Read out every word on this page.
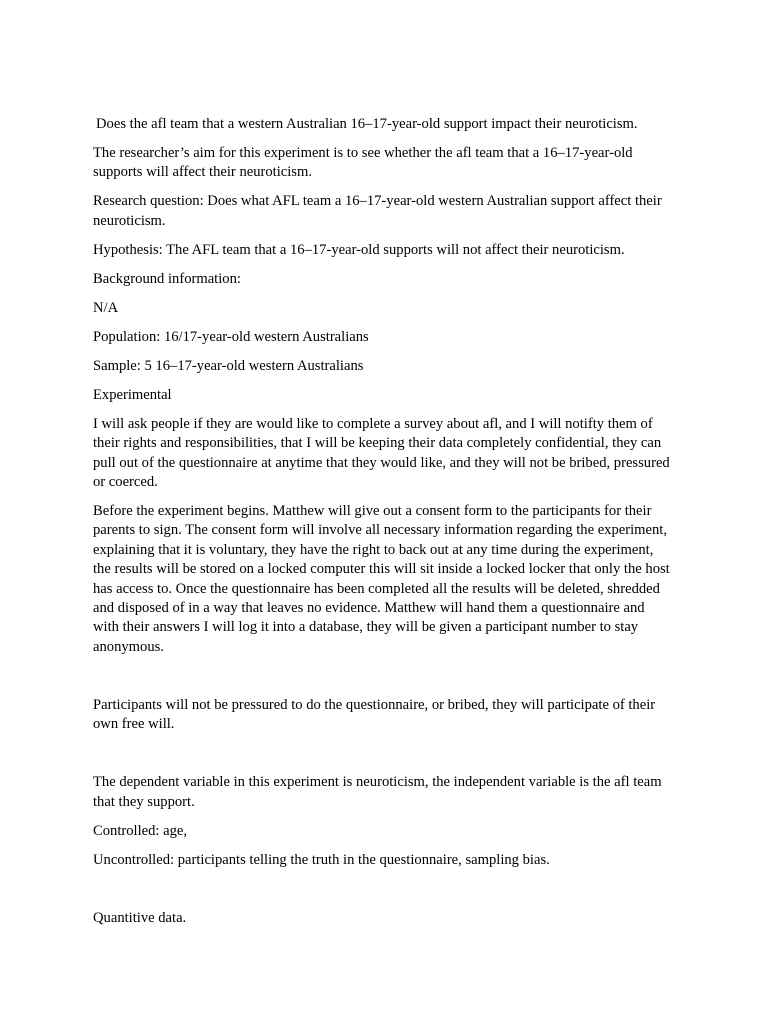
Does the afl team that a western Australian 16–17-year-old support impact their neuroticism.

The researcher’s aim for this experiment is to see whether the afl team that a 16–17-year-old supports will affect their neuroticism.

Research question: Does what AFL team a 16–17-year-old western Australian support affect their neuroticism.

Hypothesis: The AFL team that a 16–17-year-old supports will not affect their neuroticism.

Background information:

N/A

Population: 16/17-year-old western Australians

Sample: 5 16–17-year-old western Australians

Experimental

I will ask people if they are would like to complete a survey about afl, and I will notifty them of their rights and responsibilities, that I will be keeping their data completely confidential, they can pull out of the questionnaire at anytime that they would like, and they will not be bribed, pressured or coerced.

Before the experiment begins. Matthew will give out a consent form to the participants for their parents to sign. The consent form will involve all necessary information regarding the experiment, explaining that it is voluntary, they have the right to back out at any time during the experiment, the results will be stored on a locked computer this will sit inside a locked locker that only the host has access to. Once the questionnaire has been completed all the results will be deleted, shredded and disposed of in a way that leaves no evidence. Matthew will hand them a questionnaire and with their answers I will log it into a database, they will be given a participant number to stay anonymous.

Participants will not be pressured to do the questionnaire, or bribed, they will participate of their own free will.

The dependent variable in this experiment is neuroticism, the independent variable is the afl team that they support.

Controlled: age,

Uncontrolled: participants telling the truth in the questionnaire, sampling bias.

Quantitive data.
